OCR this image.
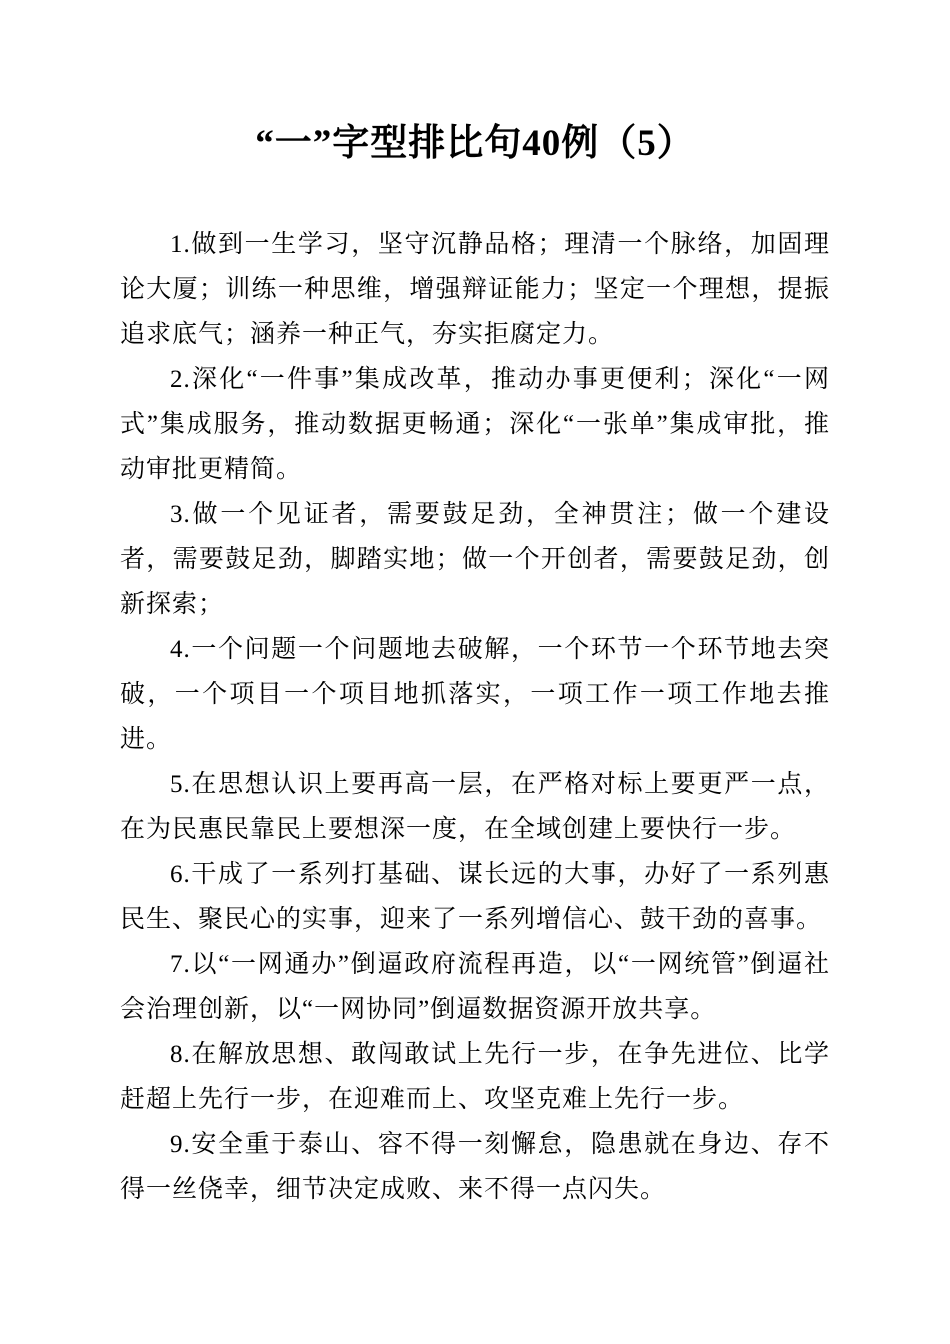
“一”字型排比句40例（5）

1.做到一生学习，坚守沉静品格；理清一个脉络，加固理论大厦；训练一种思维，增强辩证能力；坚定一个理想，提振追求底气；涵养一种正气，夯实拒腐定力。

2.深化“一件事”集成改革，推动办事更便利；深化“一网式”集成服务，推动数据更畅通；深化“一张单”集成审批，推动审批更精简。

3.做一个见证者，需要鼓足劲，全神贯注；做一个建设者，需要鼓足劲，脚踏实地；做一个开创者，需要鼓足劲，创新探索；

4.一个问题一个问题地去破解，一个环节一个环节地去突破，一个项目一个项目地抓落实，一项工作一项工作地去推进。

5.在思想认识上要再高一层，在严格对标上要更严一点，在为民惠民靠民上要想深一度，在全域创建上要快行一步。

6.干成了一系列打基础、谋长远的大事，办好了一系列惠民生、聚民心的实事，迎来了一系列增信心、鼓干劲的喜事。

7.以“一网通办”倒逼政府流程再造，以“一网统管”倒逼社会治理创新，以“一网协同”倒逼数据资源开放共享。

8.在解放思想、敢闯敢试上先行一步，在争先进位、比学赶超上先行一步，在迎难而上、攻坚克难上先行一步。

9.安全重于泰山、容不得一刻懈怠，隐患就在身边、存不得一丝侥幸，细节决定成败、来不得一点闪失。
